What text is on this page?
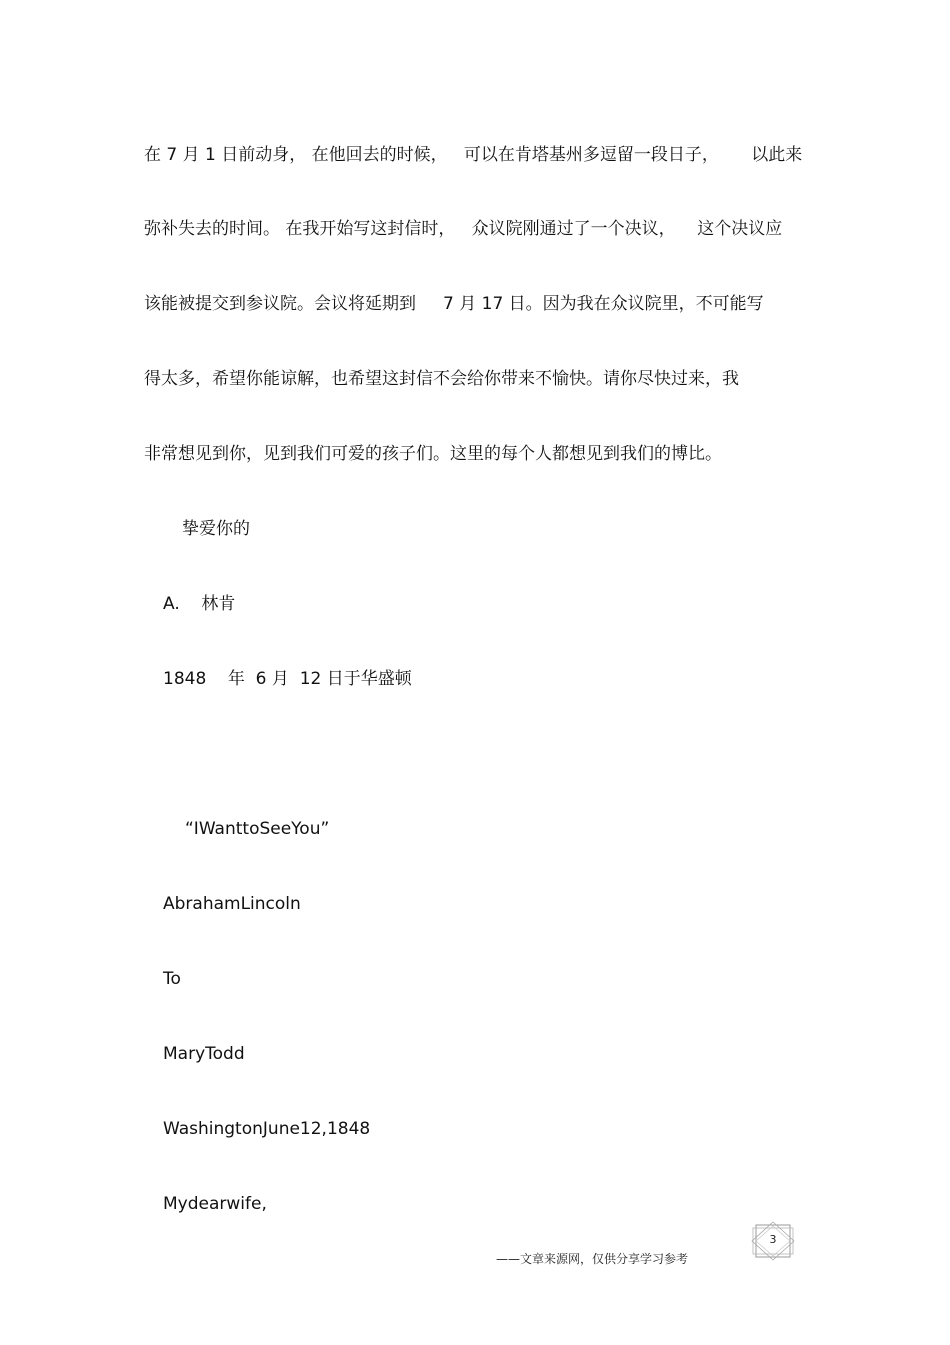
在 7 月 1 日前动身， 在他回去的时候，   可以在肯塔基州多逗留一段日子，      以此来
弥补失去的时间。 在我开始写这封信时，   众议院刚通过了一个决议，    这个决议应
该能被提交到参议院。会议将延期到     7 月 17 日。因为我在众议院里，不可能写
得太多，希望你能谅解，也希望这封信不会给你带来不愉快。请你尽快过来，我
非常想见到你，见到我们可爱的孩子们。这里的每个人都想见到我们的博比。
挚爱你的
A.    林肯
1848    年  6 月  12 日于华盛顿
“IWanttoSeeYou”
AbrahamLincoln
To
MaryTodd
WashingtonJune12,1848
Mydearwife,
3
——文章来源网，仅供分享学习参考
